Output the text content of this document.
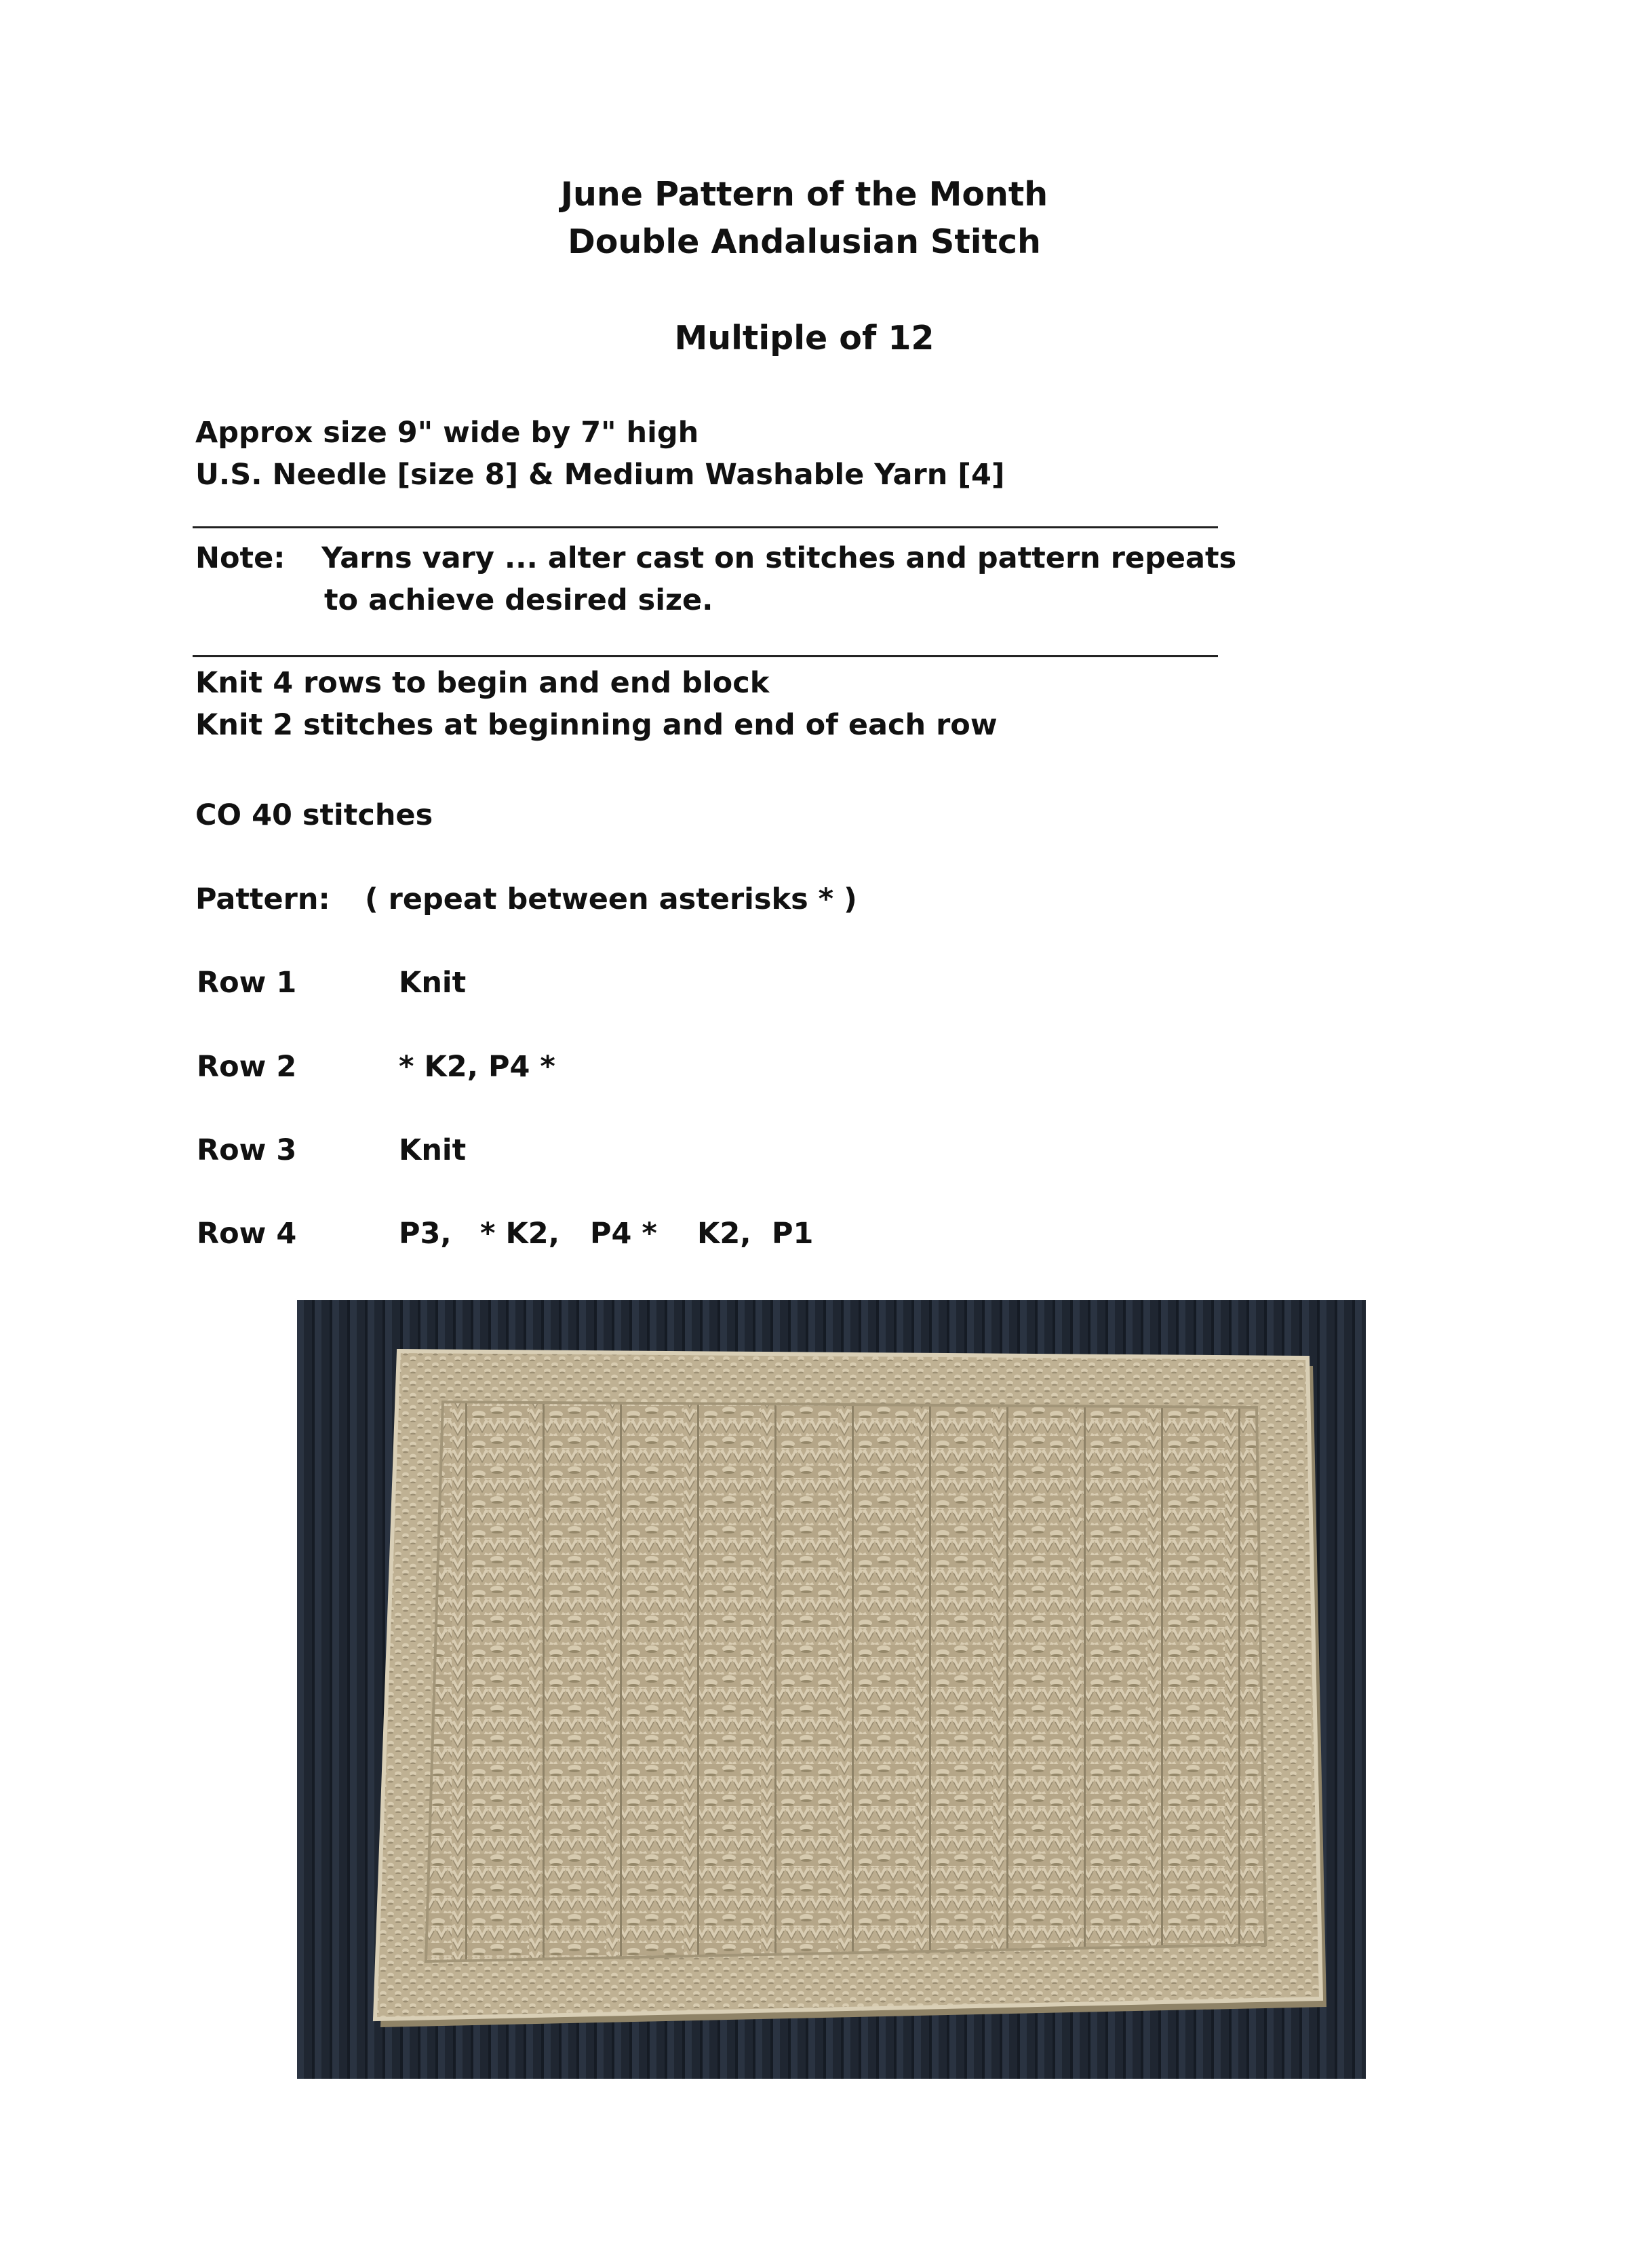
June Pattern of the Month
Double Andalusian Stitch
Multiple of 12
Approx size 9" wide by 7" high
U.S. Needle [size 8] & Medium Washable Yarn [4]
Note: Yarns vary ... alter cast on stitches and pattern repeats
to achieve desired size.
Knit 4 rows to begin and end block
Knit 2 stitches at beginning and end of each row
CO 40 stitches
Pattern: ( repeat between asterisks * )
Row 1	Knit
Row 2	* K2, P4 *
Row 3	Knit
Row 4	P3, * K2, P4 * K2, P1
